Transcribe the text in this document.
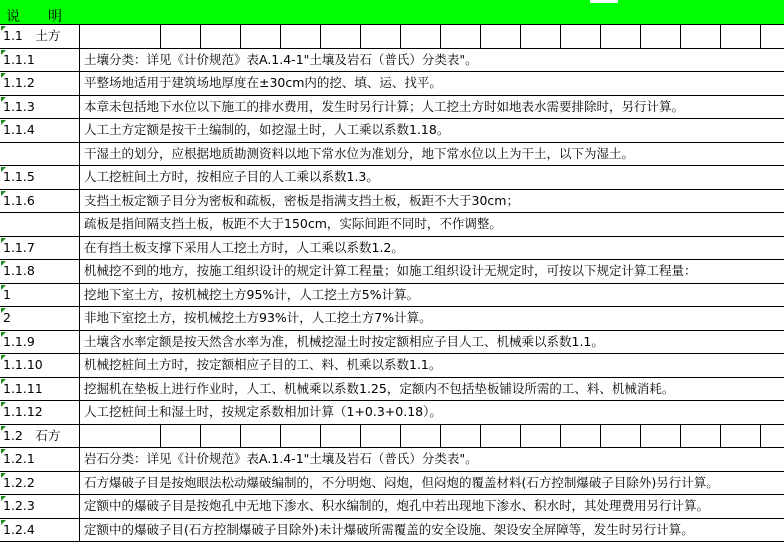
说　　明
1.1　土方
1.1.1	土壤分类：详见《计价规范》表A.1.4-1"土壤及岩石（普氏）分类表"。
1.1.2	平整场地适用于建筑场地厚度在±30cm内的挖、填、运、找平。
1.1.3	本章未包括地下水位以下施工的排水费用，发生时另行计算；人工挖土方时如地表水需要排除时，另行计算。
1.1.4	人工土方定额是按干土编制的，如挖湿土时，人工乘以系数1.18。
干湿土的划分，应根据地质勘测资料以地下常水位为准划分，地下常水位以上为干土，以下为湿土。
1.1.5	人工挖桩间土方时，按相应子目的人工乘以系数1.3。
1.1.6	支挡土板定额子目分为密板和疏板，密板是指满支挡土板，板距不大于30cm；
疏板是指间隔支挡土板，板距不大于150cm，实际间距不同时，不作调整。
1.1.7	在有挡土板支撑下采用人工挖土方时，人工乘以系数1.2。
1.1.8	机械挖不到的地方，按施工组织设计的规定计算工程量；如施工组织设计无规定时，可按以下规定计算工程量：
1	挖地下室土方，按机械挖土方95%计，人工挖土方5%计算。
2	非地下室挖土方，按机械挖土方93%计，人工挖土方7%计算。
1.1.9	土壤含水率定额是按天然含水率为准，机械挖湿土时按定额相应子目人工、机械乘以系数1.1。
1.1.10	机械挖桩间土方时，按定额相应子目的工、料、机乘以系数1.1。
1.1.11	挖掘机在垫板上进行作业时，人工、机械乘以系数1.25，定额内不包括垫板铺设所需的工、料、机械消耗。
1.1.12	人工挖桩间土和湿土时，按规定系数相加计算（1+0.3+0.18）。
1.2　石方
1.2.1	岩石分类：详见《计价规范》表A.1.4-1"土壤及岩石（普氏）分类表"。
1.2.2	石方爆破子目是按炮眼法松动爆破编制的，不分明炮、闷炮，但闷炮的覆盖材料(石方控制爆破子目除外)另行计算。
1.2.3	定额中的爆破子目是按炮孔中无地下渗水、积水编制的，炮孔中若出现地下渗水、积水时，其处理费用另行计算。
1.2.4	定额中的爆破子目(石方控制爆破子目除外)未计爆破所需覆盖的安全设施、架设安全屏障等，发生时另行计算。
